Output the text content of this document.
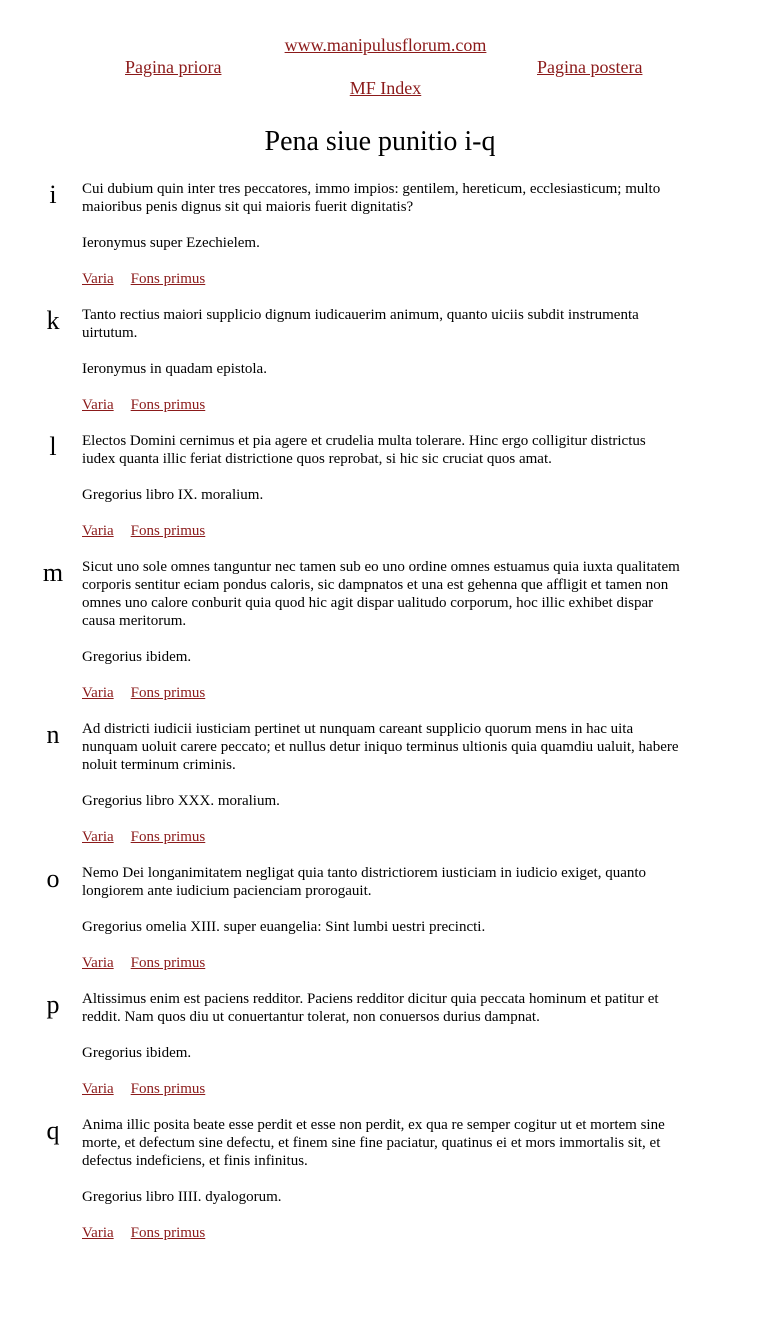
www.manipulusflorum.com
Pagina priora	Pagina postera
MF Index
Pena siue punitio i-q
i	Cui dubium quin inter tres peccatores, immo impios: gentilem, hereticum, ecclesiasticum; multo maioribus penis dignus sit qui maioris fuerit dignitatis?

Ieronymus super Ezechielem.

Varia Fons primus

k	Tanto rectius maiori supplicio dignum iudicauerim animum, quanto uiciis subdit instrumenta uirtutum.

Ieronymus in quadam epistola.

Varia Fons primus

l	Electos Domini cernimus et pia agere et crudelia multa tolerare. Hinc ergo colligitur districtus iudex quanta illic feriat districtione quos reprobat, si hic sic cruciat quos amat.

Gregorius libro IX. moralium.

Varia Fons primus

m	Sicut uno sole omnes tanguntur nec tamen sub eo uno ordine omnes estuamus quia iuxta qualitatem corporis sentitur eciam pondus caloris, sic dampnatos et una est gehenna que affligit et tamen non omnes uno calore conburit quia quod hic agit dispar ualitudo corporum, hoc illic exhibet dispar causa meritorum.

Gregorius ibidem.

Varia Fons primus

n	Ad districti iudicii iusticiam pertinet ut nunquam careant supplicio quorum mens in hac uita nunquam uoluit carere peccato; et nullus detur iniquo terminus ultionis quia quamdiu ualuit, habere noluit terminum criminis.

Gregorius libro XXX. moralium.

Varia Fons primus

o	Nemo Dei longanimitatem negligat quia tanto districtiorem iusticiam in iudicio exiget, quanto longiorem ante iudicium pacienciam prorogauit.

Gregorius omelia XIII. super euangelia: Sint lumbi uestri precincti.

Varia Fons primus

p	Altissimus enim est paciens redditor. Paciens redditor dicitur quia peccata hominum et patitur et reddit. Nam quos diu ut conuertantur tolerat, non conuersos durius dampnat.

Gregorius ibidem.

Varia Fons primus

q	Anima illic posita beate esse perdit et esse non perdit, ex qua re semper cogitur ut et mortem sine morte, et defectum sine defectu, et finem sine fine paciatur, quatinus ei et mors immortalis sit, et defectus indeficiens, et finis infinitus.

Gregorius libro IIII. dyalogorum.

Varia Fons primus
